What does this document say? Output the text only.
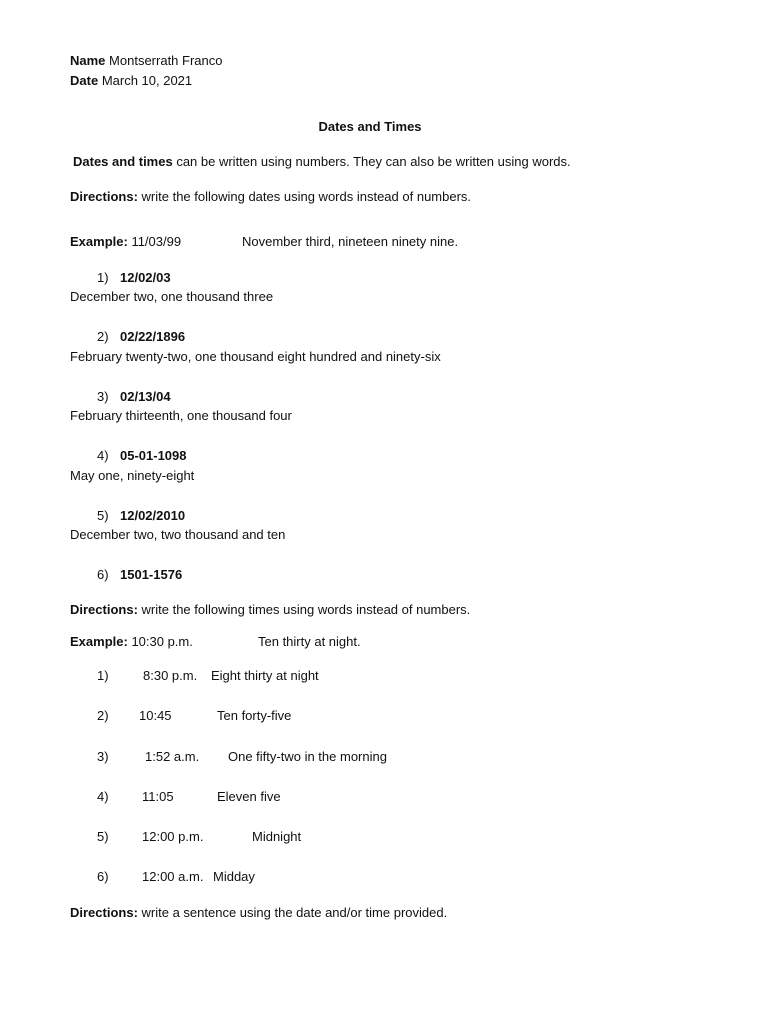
Name Montserrath Franco
Date March 10, 2021
Dates and Times
Dates and times can be written using numbers. They can also be written using words.
Directions: write the following dates using words instead of numbers.
Example: 11/03/99	November third, nineteen ninety nine.
1) 12/02/03
December two, one thousand three
2) 02/22/1896
February twenty-two, one thousand eight hundred and ninety-six
3) 02/13/04
February thirteenth, one thousand four
4) 05-01-1098
May one, ninety-eight
5) 12/02/2010
December two, two thousand and ten
6) 1501-1576
Directions: write the following times using words instead of numbers.
Example: 10:30 p.m.	Ten thirty at night.
1)	8:30 p.m. Eight thirty at night
2) 10:45	Ten forty-five
3)	1:52 a.m. One fifty-two in the morning
4)	11:05	Eleven five
5)	12:00 p.m.	Midnight
6)	12:00 a.m. Midday
Directions: write a sentence using the date and/or time provided.
